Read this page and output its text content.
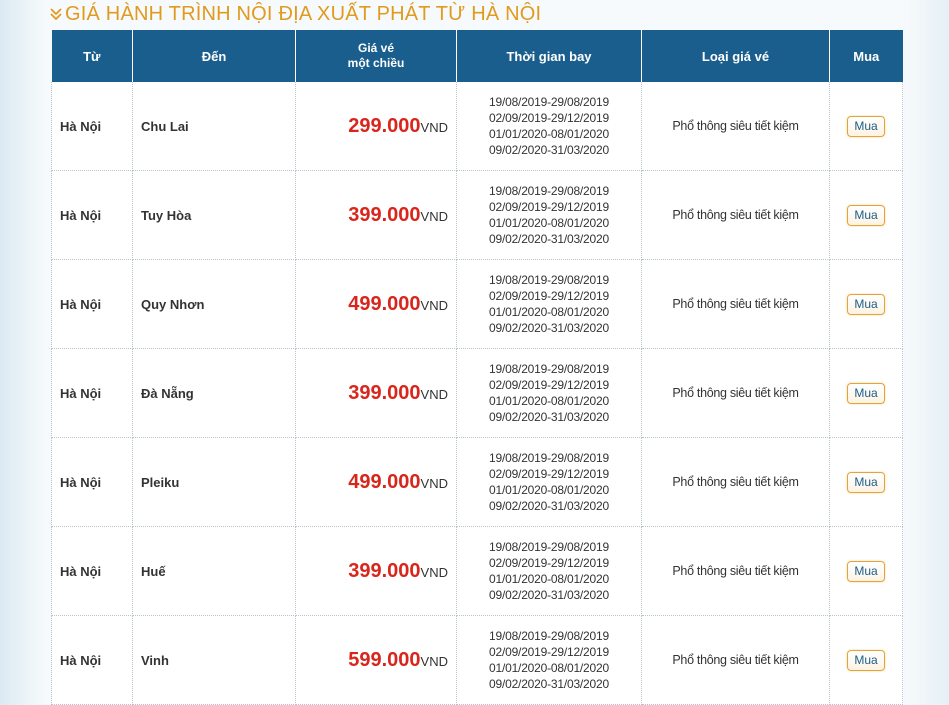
GIÁ HÀNH TRÌNH NỘI ĐỊA XUẤT PHÁT TỪ HÀ NỘI
Từ	Đến	Giá vé
một chiều	Thời gian bay	Loại giá vé	Mua
Hà Nội	Chu Lai	299.000VND	19/08/2019-29/08/2019
02/09/2019-29/12/2019
01/01/2020-08/01/2020
09/02/2020-31/03/2020	Phổ thông siêu tiết kiệm	Mua
Hà Nội	Tuy Hòa	399.000VND	19/08/2019-29/08/2019
02/09/2019-29/12/2019
01/01/2020-08/01/2020
09/02/2020-31/03/2020	Phổ thông siêu tiết kiệm	Mua
Hà Nội	Quy Nhơn	499.000VND	19/08/2019-29/08/2019
02/09/2019-29/12/2019
01/01/2020-08/01/2020
09/02/2020-31/03/2020	Phổ thông siêu tiết kiệm	Mua
Hà Nội	Đà Nẵng	399.000VND	19/08/2019-29/08/2019
02/09/2019-29/12/2019
01/01/2020-08/01/2020
09/02/2020-31/03/2020	Phổ thông siêu tiết kiệm	Mua
Hà Nội	Pleiku	499.000VND	19/08/2019-29/08/2019
02/09/2019-29/12/2019
01/01/2020-08/01/2020
09/02/2020-31/03/2020	Phổ thông siêu tiết kiệm	Mua
Hà Nội	Huế	399.000VND	19/08/2019-29/08/2019
02/09/2019-29/12/2019
01/01/2020-08/01/2020
09/02/2020-31/03/2020	Phổ thông siêu tiết kiệm	Mua
Hà Nội	Vinh	599.000VND	19/08/2019-29/08/2019
02/09/2019-29/12/2019
01/01/2020-08/01/2020
09/02/2020-31/03/2020	Phổ thông siêu tiết kiệm	Mua
